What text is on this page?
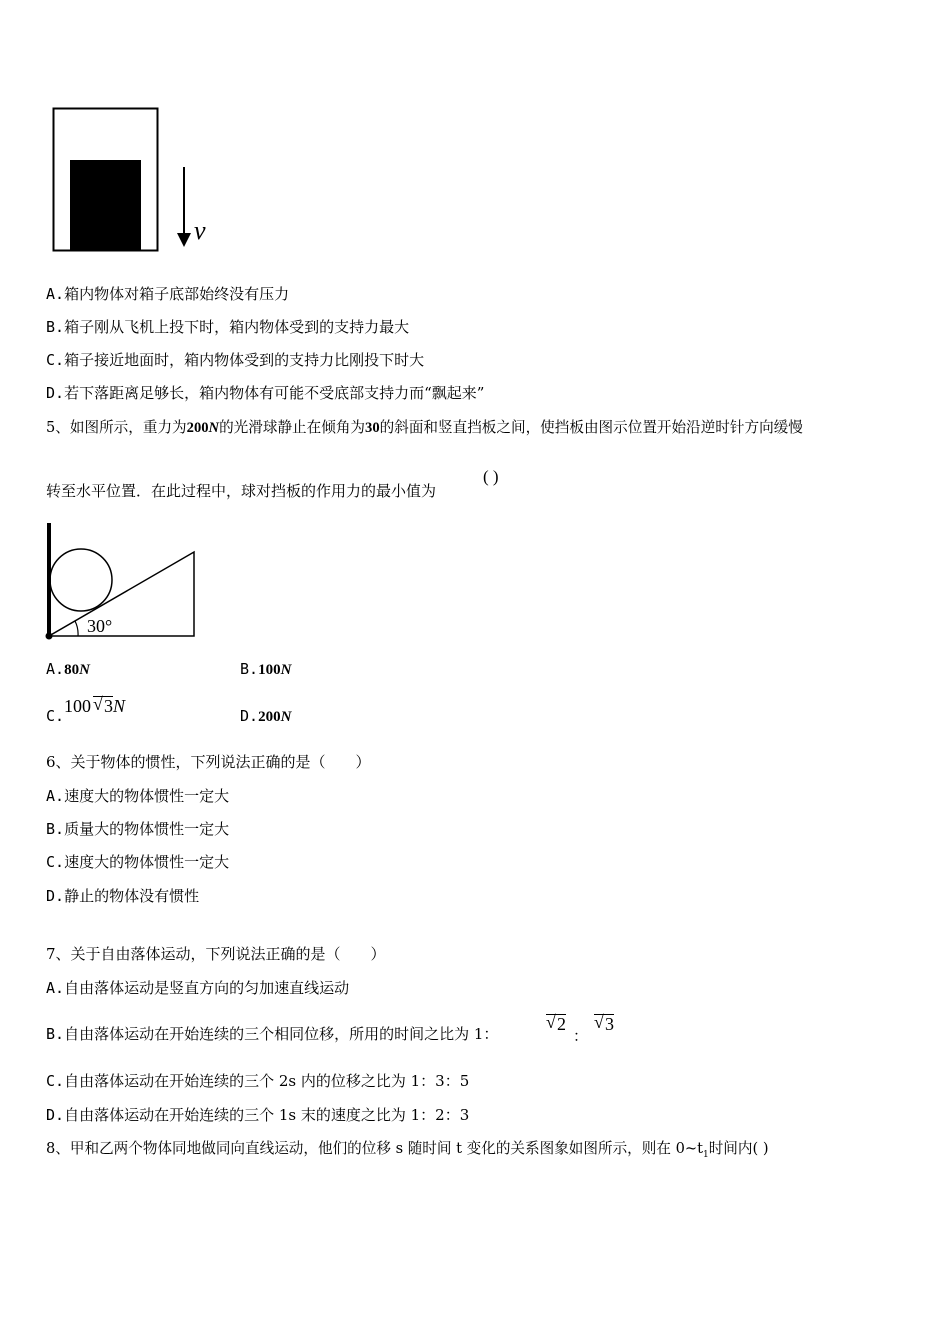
v
A.箱内物体对箱子底部始终没有压力
B.箱子刚从飞机上投下时，箱内物体受到的支持力最大
C.箱子接近地面时，箱内物体受到的支持力比刚投下时大
D.若下落距离足够长，箱内物体有可能不受底部支持力而“飘起来”
5、如图所示，重力为200N的光滑球静止在倾角为30的斜面和竖直挡板之间，使挡板由图示位置开始沿逆时针方向缓慢
转至水平位置．在此过程中，球对挡板的作用力的最小值为
( )
30°
A.80N	B.100N
C. 100 √ 3N	D.200N
6、关于物体的惯性，下列说法正确的是（　　）
A.速度大的物体惯性一定大
B.质量大的物体惯性一定大
C.速度大的物体惯性一定大
D.静止的物体没有惯性
7、关于自由落体运动，下列说法正确的是（　　）
A.自由落体运动是竖直方向的匀加速直线运动
B.自由落体运动在开始连续的三个相同位移，所用的时间之比为 1：
√ 2
：
√ 3
C.自由落体运动在开始连续的三个 2s 内的位移之比为 1：3：5
D.自由落体运动在开始连续的三个 1s 末的速度之比为 1：2：3
8、甲和乙两个物体同地做同向直线运动，他们的位移 s 随时间 t 变化的关系图象如图所示，则在 $0\sim t_1$时间内( )
